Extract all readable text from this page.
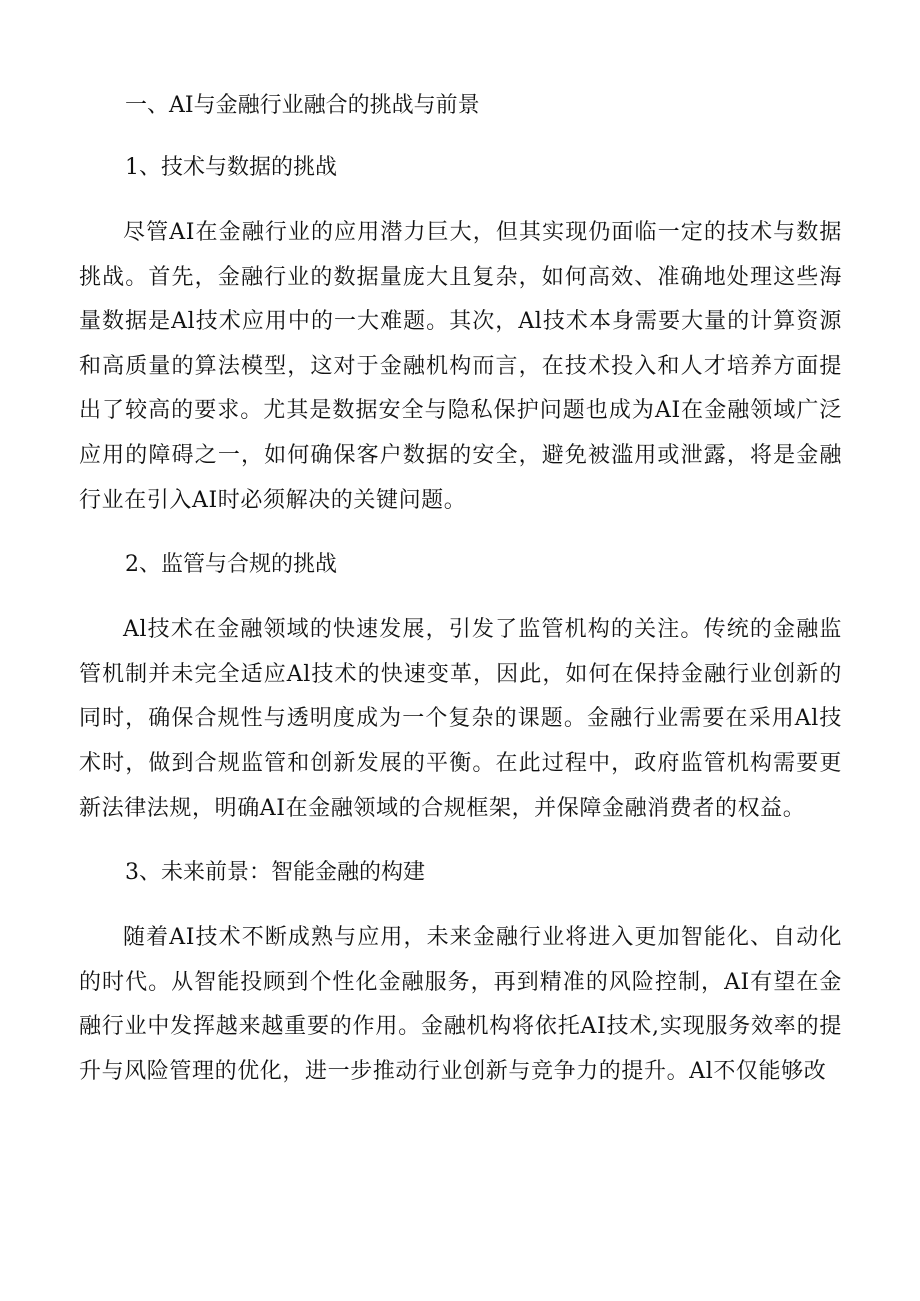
一、AI与金融行业融合的挑战与前景
1、技术与数据的挑战

尽管AI在金融行业的应用潜力巨大，但其实现仍面临一定的技术与数据挑战。首先，金融行业的数据量庞大且复杂，如何高效、准确地处理这些海量数据是Al技术应用中的一大难题。其次，Al技术本身需要大量的计算资源和高质量的算法模型，这对于金融机构而言，在技术投入和人才培养方面提出了较高的要求。尤其是数据安全与隐私保护问题也成为AI在金融领域广泛应用的障碍之一，如何确保客户数据的安全，避免被滥用或泄露，将是金融行业在引入AI时必须解决的关键问题。

2、监管与合规的挑战

Al技术在金融领域的快速发展，引发了监管机构的关注。传统的金融监管机制并未完全适应Al技术的快速变革，因此，如何在保持金融行业创新的同时，确保合规性与透明度成为一个复杂的课题。金融行业需要在采用Al技术时，做到合规监管和创新发展的平衡。在此过程中，政府监管机构需要更新法律法规，明确AI在金融领域的合规框架，并保障金融消费者的权益。

3、未来前景：智能金融的构建

随着AI技术不断成熟与应用，未来金融行业将进入更加智能化、自动化的时代。从智能投顾到个性化金融服务，再到精准的风险控制，AI有望在金融行业中发挥越来越重要的作用。金融机构将依托AI技术,实现服务效率的提升与风险管理的优化，进一步推动行业创新与竞争力的提升。Al不仅能够改
